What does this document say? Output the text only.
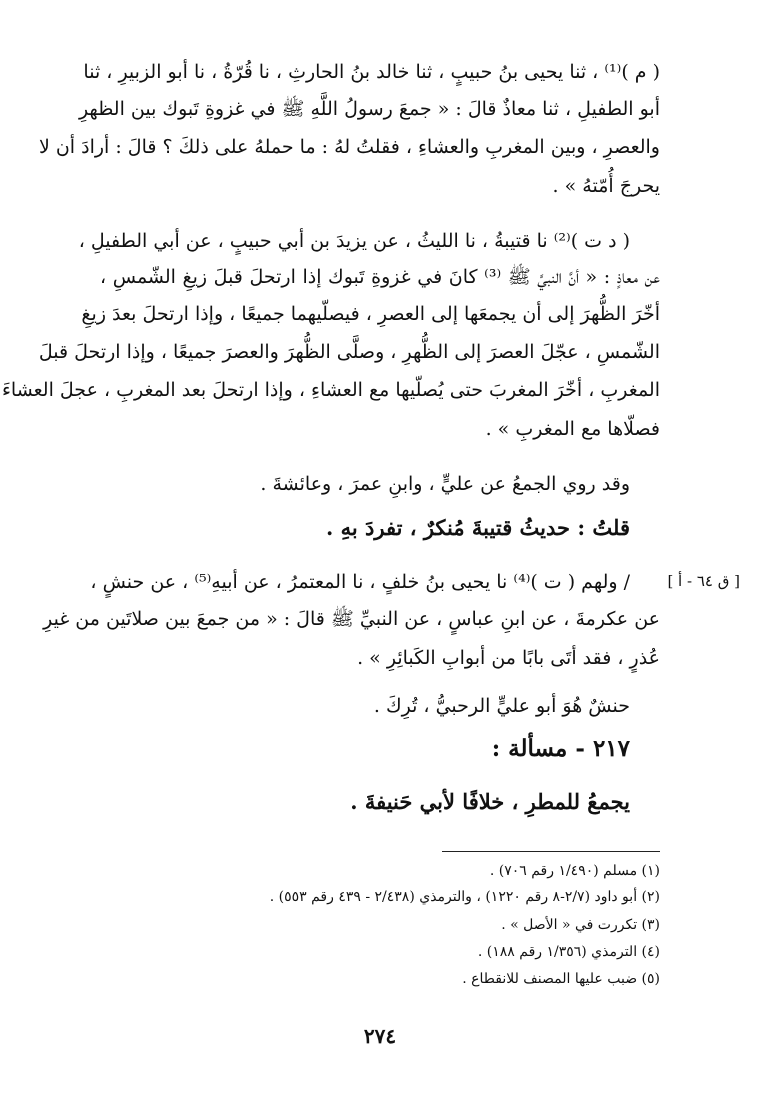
( م )⁽¹⁾ ، ثنا يحيى بنُ حبيبٍ ، ثنا خالد بنُ الحارثِ ، نا قُرّةُ ، نا أبو الزبيرِ ، ثنا
أبو الطفيلِ ، ثنا معاذٌ قالَ : « جمعَ رسولُ اللَّهِ ﷺ في غزوةِ تَبوك بين الظهرِ
والعصرِ ، وبين المغربِ والعشاءِ ، فقلتُ لهُ : ما حملهُ على ذلكَ ؟ قالَ : أرادَ أن لا
يحرجَ أُمّتهُ » .
( د ت )⁽²⁾ نا قتيبةُ ، نا الليثُ ، عن يزيدَ بن أبي حبيبٍ ، عن أبي الطفيلِ ،
عن معاذٍ : « أنَّ النبيَّ ﷺ ⁽³⁾ كانَ في غزوةِ تَبوك إذا ارتحلَ قبلَ زيغِ الشّمسِ ،
أخّرَ الظُّهرَ إلى أن يجمعَها إلى العصرِ ، فيصلّيهما جميعًا ، وإذا ارتحلَ بعدَ زيغِ
الشّمسِ ، عجّلَ العصرَ إلى الظُّهرِ ، وصلَّى الظُّهرَ والعصرَ جميعًا ، وإذا ارتحلَ قبلَ
المغربِ ، أخّرَ المغربَ حتى يُصلّيها مع العشاءِ ، وإذا ارتحلَ بعد المغربِ ، عجلَ العشاءَ
فصلّاها مع المغربِ » .
وقد روي الجمعُ عن عليٍّ ، وابنِ عمرَ ، وعائشةَ .
قلتُ : حديثُ قتيبةَ مُنكرٌ ، تفردَ بهِ .
[ ق ٦٤ - أ ]
/ ولهم ( ت )⁽⁴⁾ نا يحيى بنُ خلفٍ ، نا المعتمرُ ، عن أبيهِ⁽⁵⁾ ، عن حنشٍ ،
عن عكرمةَ ، عن ابنِ عباسٍ ، عن النبيِّ ﷺ قالَ : « من جمعَ بين صلاتَين من غيرِ
عُذرٍ ، فقد أتَى بابًا من أبوابِ الكَبائِرِ » .
حنشٌ هُوَ أبو عليٍّ الرحبيُّ ، تُرِكَ .
٢١٧ - مسألة :
يجمعُ للمطرِ ، خلافًا لأبي حَنيفةَ .
(١) مسلم (١/٤٩٠ رقم ٧٠٦) .
(٢) أبو داود (٢/٧-٨ رقم ١٢٢٠) ، والترمذي (٢/٤٣٨ - ٤٣٩ رقم ٥٥٣) .
(٣) تكررت في « الأصل » .
(٤) الترمذي (١/٣٥٦ رقم ١٨٨) .
(٥) ضبب عليها المصنف للانقطاع .
٢٧٤
